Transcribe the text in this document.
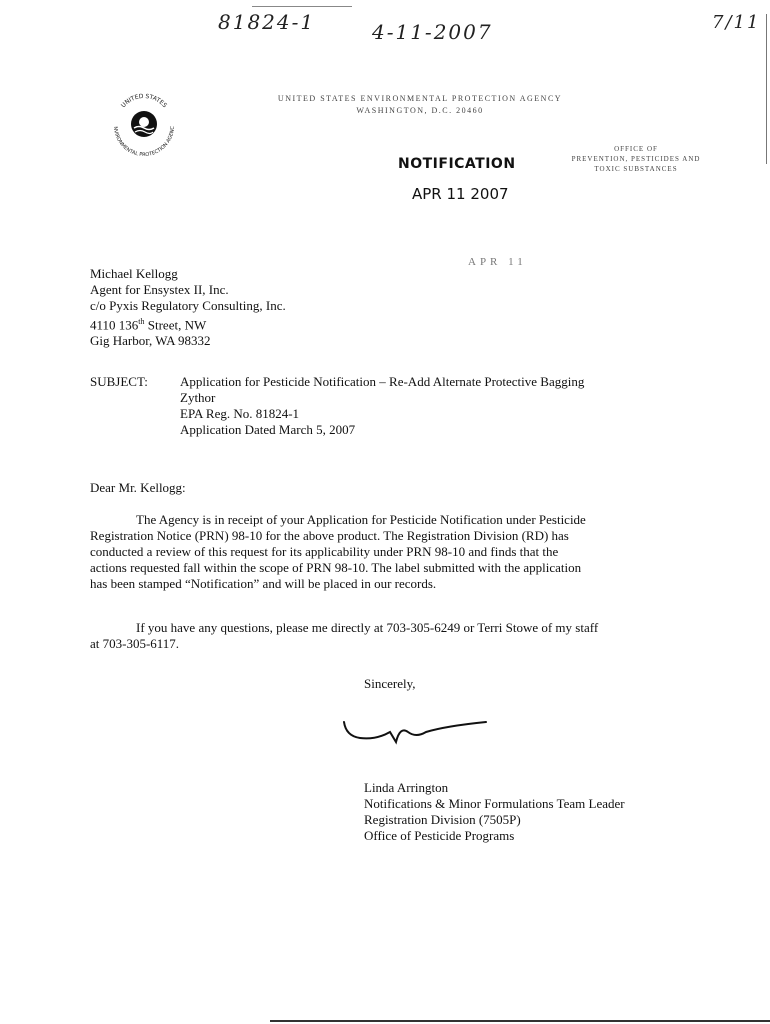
81824-1	4-11-2007	7/11
UNITED STATES
NVIRONMENTAL PROTECTION AGENC
UNITED STATES ENVIRONMENTAL PROTECTION AGENCY
WASHINGTON, D.C. 20460
OFFICE OF
PREVENTION, PESTICIDES AND
TOXIC SUBSTANCES
NOTIFICATION
APR 11 2007
APR 11
Michael Kellogg
Agent for Ensystex II, Inc.
c/o Pyxis Regulatory Consulting, Inc.
4110 136th Street, NW
Gig Harbor, WA 98332
SUBJECT: Application for Pesticide Notification – Re-Add Alternate Protective Bagging
Zythor
EPA Reg. No. 81824-1
Application Dated March 5, 2007
Dear Mr. Kellogg:
The Agency is in receipt of your Application for Pesticide Notification under Pesticide
Registration Notice (PRN) 98-10 for the above product. The Registration Division (RD) has
conducted a review of this request for its applicability under PRN 98-10 and finds that the
actions requested fall within the scope of PRN 98-10. The label submitted with the application
has been stamped “Notification” and will be placed in our records.
If you have any questions, please me directly at 703-305-6249 or Terri Stowe of my staff
at 703-305-6117.
Sincerely,
Linda Arrington
Notifications & Minor Formulations Team Leader
Registration Division (7505P)
Office of Pesticide Programs
